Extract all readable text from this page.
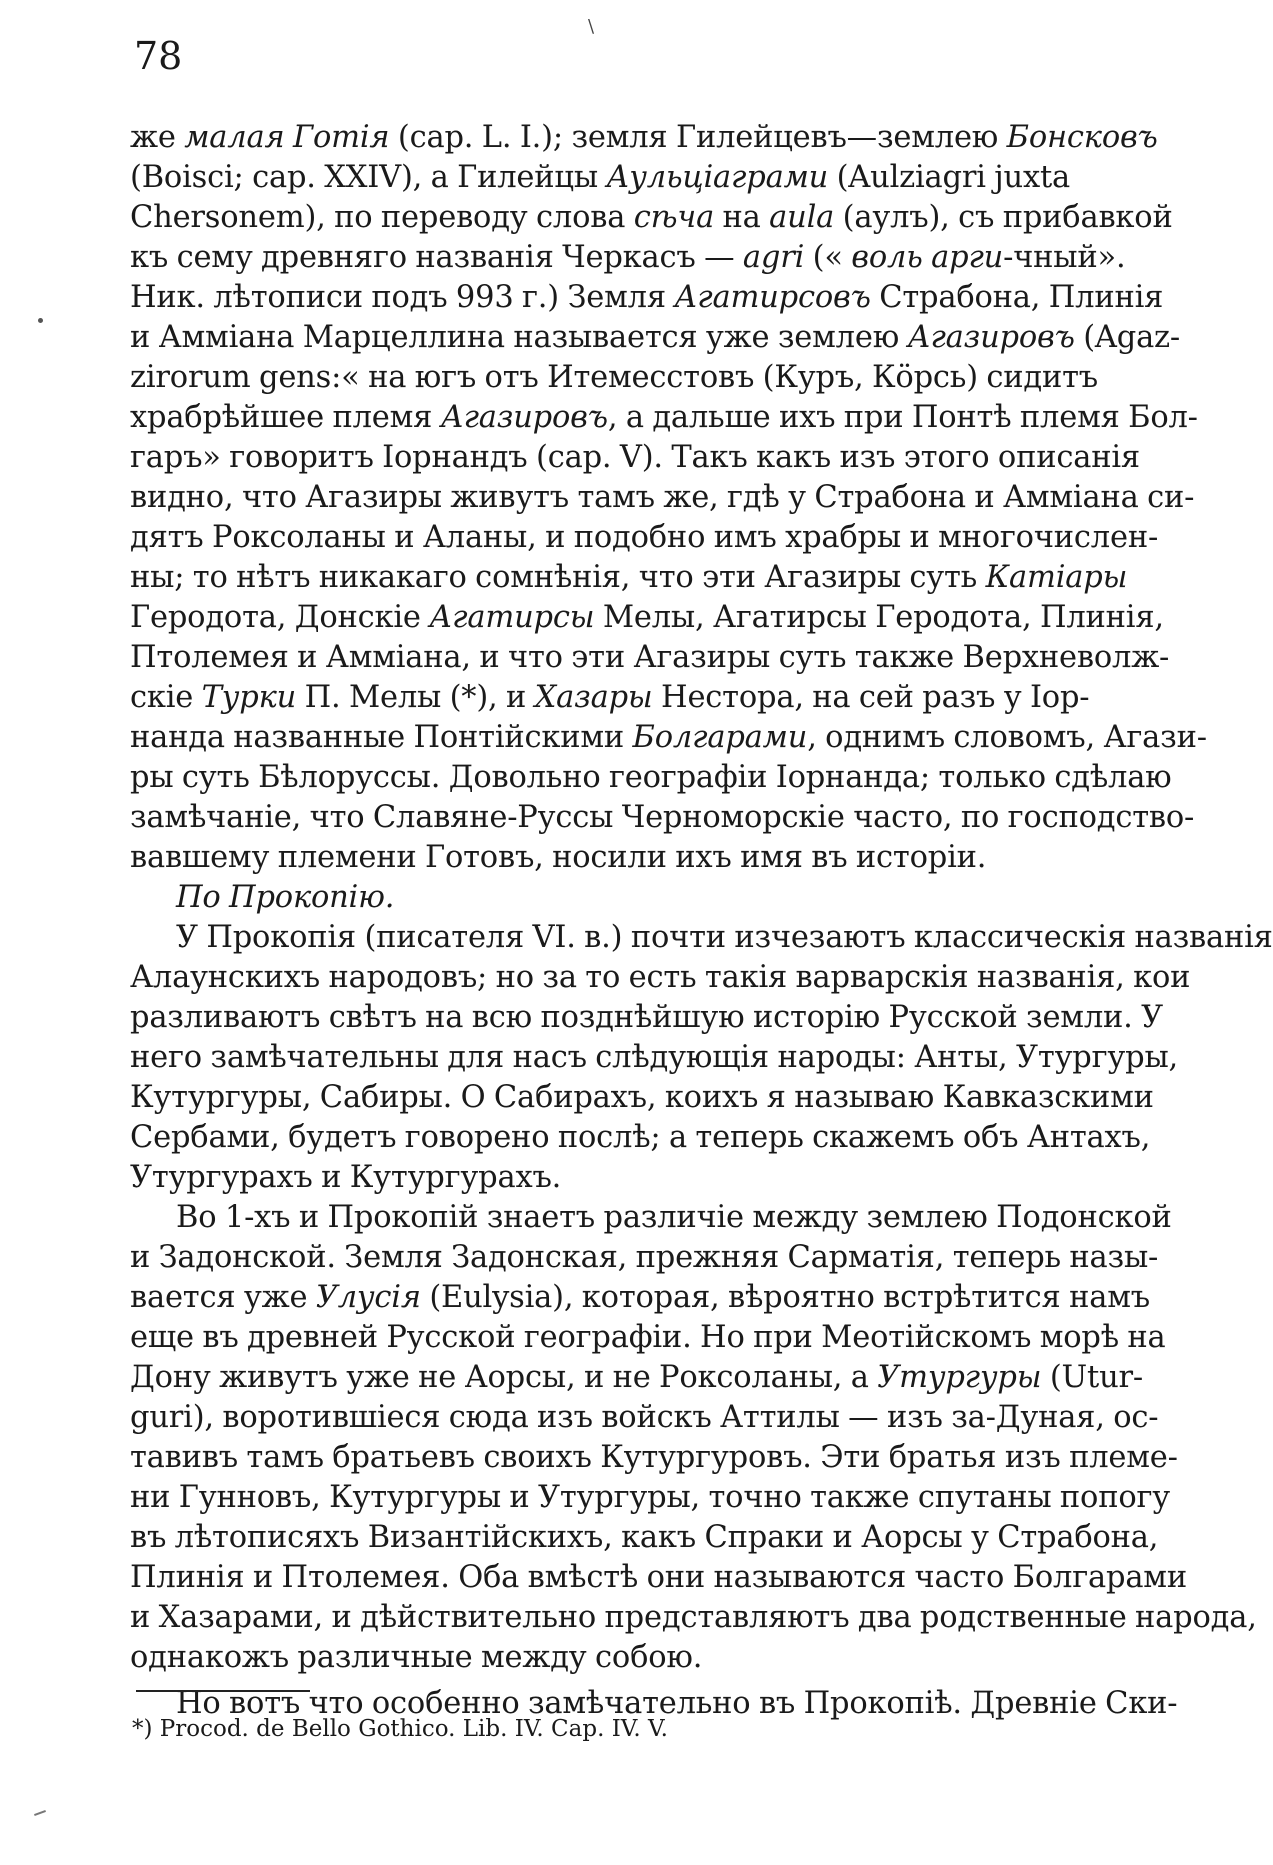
\
78
же малая Готія (cap. L. I.); земля Гилейцевъ—землею Бонсковъ
(Boisci; cap. XXIV), а Гилейцы Аульціаграми (Aulziagri juxta
Chersonem), по переводу слова сѣча на aula (аулъ), съ прибавкой
къ сему древняго названія Черкасъ — agri (« воль арги-чный».
Ник. лѣтописи подъ 993 г.) Земля Агатирсовъ Страбона, Плинія
и Амміана Марцеллина называется уже землею Агазировъ (Agaz-
zirorum gens:« на югъ отъ Итемесстовъ (Куръ, Кӧрсь) сидитъ
храбрѣйшее племя Агазировъ, а дальше ихъ при Понтѣ племя Бол-
гаръ» говоритъ Іорнандъ (cap. V). Такъ какъ изъ этого описанія
видно, что Агазиры живутъ тамъ же, гдѣ у Страбона и Амміана си-
дятъ Роксоланы и Аланы, и подобно имъ храбры и многочислен-
ны; то нѣтъ никакаго сомнѣнія, что эти Агазиры суть Катіары
Геродота, Донскіе Агатирсы Мелы, Агатирсы Геродота, Плинія,
Птолемея и Амміана, и что эти Агазиры суть также Верхневолж-
скіе Турки П. Мелы (*), и Хазары Нестора, на сей разъ у Іор-
нанда названные Понтійскими Болгарами, однимъ словомъ, Агази-
ры суть Бѣлоруссы. Довольно географіи Іорнанда; только сдѣлаю
замѣчаніе, что Славяне-Руссы Черноморскіе часто, по господство-
вавшему племени Готовъ, носили ихъ имя въ исторіи.
По Прокопію.
У Прокопія (писателя VI. в.) почти изчезаютъ классическія названія
Алаунскихъ народовъ; но за то есть такія варварскія названія, кои
разливаютъ свѣтъ на всю позднѣйшую исторію Русской земли. У
него замѣчательны для насъ слѣдующія народы: Анты, Утургуры,
Кутургуры, Сабиры. О Сабирахъ, коихъ я называю Кавказскими
Сербами, будетъ говорено послѣ; а теперь скажемъ объ Антахъ,
Утургурахъ и Кутургурахъ.
Во 1-хъ и Прокопій знаетъ различіе между землею Подонской
и Задонской. Земля Задонская, прежняя Сарматія, теперь назы-
вается уже Улусія (Eulysia), которая, вѣроятно встрѣтится намъ
еще въ древней Русской географіи. Но при Меотійскомъ морѣ на
Дону живутъ уже не Аорсы, и не Роксоланы, а Утургуры (Utur-
guri), воротившіеся сюда изъ войскъ Аттилы — изъ за-Дуная, ос-
тавивъ тамъ братьевъ своихъ Кутургуровъ. Эти братья изъ племе-
ни Гунновъ, Кутургуры и Утургуры, точно также спутаны попогу
въ лѣтописяхъ Византійскихъ, какъ Спраки и Аорсы у Страбона,
Плинія и Птолемея. Оба вмѣстѣ они называются часто Болгарами
и Хазарами, и дѣйствительно представляютъ два родственные народа,
однакожъ различные между собою.
Но вотъ что особенно замѣчательно въ Прокопіѣ. Древніе Ски-
*) Procod. de Bello Gothico. Lib. IV. Cap. IV. V.
